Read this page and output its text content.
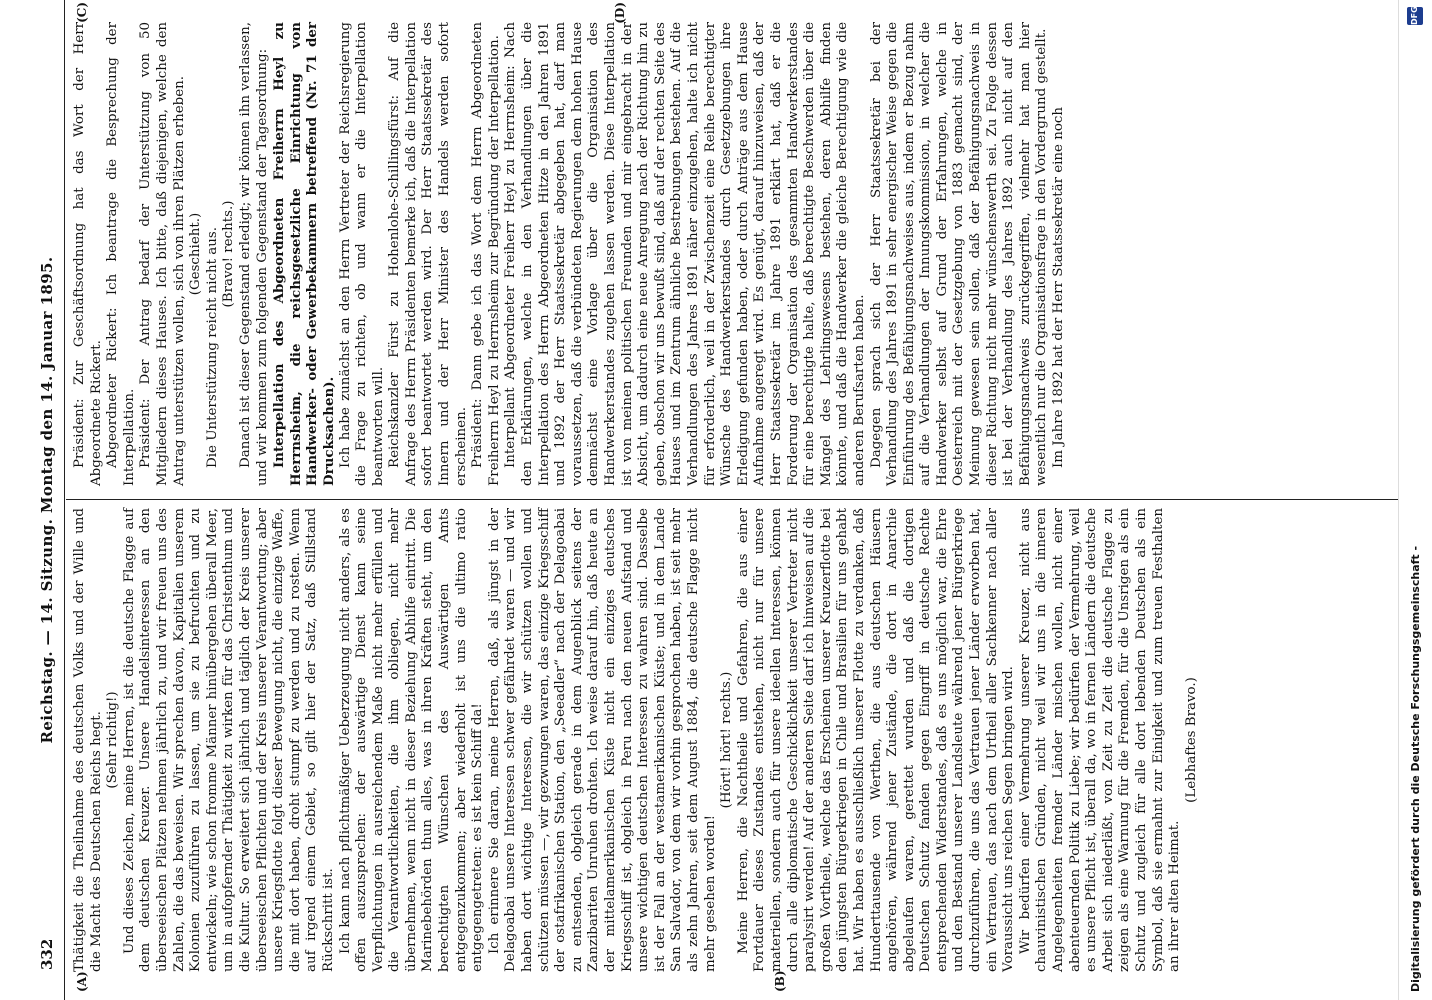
332
Reichstag. — 14. Sitzung. Montag den 14. Januar 1895.
(A)	(B)

Thätigkeit die Theilnahme des deutschen Volks und der Wille und die Macht des Deutschen Reichs hegt. (Sehr richtig!) Und dieses Zeichen, meine Herren, ist die deutsche Flagge auf dem deutschen Kreuzer. Unsere Handelsinteressen an den überseeischen Plätzen nehmen jährlich zu, und wir freuen uns des Zahlen, die das beweisen. Wir sprechen davon, Kapitalien unserem Kolonien zuzuführen zu lassen, um sie zu befruchten und zu entwickeln; wie schon fromme Männer hinübergehen überall Meer, um in aufopfernder Thätigkeit zu wirken für das Christenthum und die Kultur. So erweitert sich jährlich und täglich der Kreis unserer überseeischen Pflichten und der Kreis unserer Verantwortung; aber unsere Kriegsflotte folgt dieser Bewegung nicht, die einzige Waffe, die mit dort haben, droht stumpf zu werden und zu rosten. Wenn auf irgend einem Gebiet, so gilt hier der Satz, daß Stillstand Rückschritt ist. Ich kann nach pflichtmäßiger Ueberzeugung nicht anders, als es offen auszusprechen: der auswärtige Dienst kann seine Verpflichtungen in ausreichendem Maße nicht mehr erfüllen und die Verantwortlichkeiten, die ihm obliegen, nicht mehr übernehmen, wenn nicht in dieser Beziehung Abhilfe eintritt. Die Marinebehörden thun alles, was in ihren Kräften steht, um den berechtigten Wünschen des Auswärtigen Amts entgegenzukommen; aber wiederholt ist uns die ultimo ratio entgegengetreten: es ist kein Schiff da! Ich erinnere Sie daran, meine Herren, daß, als jüngst in der Delagoabai unsere Interessen schwer gefährdet waren — und wir haben dort wichtige Interessen, die wir schützen wollen und schützen müssen —, wir gezwungen waren, das einzige Kriegsschiff der ostafrikanischen Station, den „Seeadler“ nach der Delagoabai zu entsenden, obgleich gerade in dem Augenblick seitens der Zanzibariten Unruhen drohten. Ich weise darauf hin, daß heute an der mittelamerikanischen Küste nicht ein einziges deutsches Kriegsschiff ist, obgleich in Peru nach den neuen Aufstand und unsere wichtigen deutschen Interessen zu wahren sind. Dasselbe ist der Fall an der westamerikanischen Küste; und in dem Lande San Salvador, von dem wir vorhin gesprochen haben, ist seit mehr als zehn Jahren, seit dem August 1884, die deutsche Flagge nicht mehr gesehen worden!

(Hört! hört! rechts.) Meine Herren, die Nachtheile und Gefahren, die aus einer Fortdauer dieses Zustandes entstehen, nicht nur für unsere materiellen, sondern auch für unsere ideellen Interessen, können durch alle diplomatische Geschicklichkeit unserer Vertreter nicht paralysirt werden! Auf der anderen Seite darf ich hinweisen auf die großen Vortheile, welche das Erscheinen unserer Kreuzerflotte bei den jüngsten Bürgerkriegen in Chile und Brasilien für uns gehabt hat. Wir haben es ausschließlich unserer Flotte zu verdanken, daß Hunderttausende von Werthen, die aus deutschen Häusern angehören, während jener Zustände, die dort in Anarchie abgelaufen waren, gerettet wurden und daß die dortigen Deutschen Schutz fanden gegen Eingriff in deutsche Rechte entsprechenden Widerstandes, daß es uns möglich war, die Ehre und den Bestand unserer Landsleute während jener Bürgerkriege durchzuführen, die uns das Vertrauen jener Länder erworben hat, ein Vertrauen, das nach dem Urtheil aller Sachkenner nach aller Voraussicht uns reichen Segen bringen wird. Wir bedürfen einer Vermehrung unserer Kreuzer, nicht aus chauvinistischen Gründen, nicht weil wir uns in die inneren Angelegenheiten fremder Länder mischen wollen, nicht einer abenteuernden Politik zu Liebe; wir bedürfen der Vermehrung, weil es unsere Pflicht ist, überall da, wo in fernen Ländern die deutsche Arbeit sich niederläßt, von Zeit zu Zeit die deutsche Flagge zu zeigen als eine Warnung für die Fremden, für die Unsrigen als ein Schutz und zugleich für alle dort lebenden Deutschen als ein Symbol, daß sie ermahnt zur Einigkeit und zum treuen Festhalten an ihrer alten Heimat.

(Lebhaftes Bravo.)

(C)	(D)

Präsident: Zur Geschäftsordnung hat das Wort der Herr Abgeordnete Rickert. Abgeordneter Rickert: Ich beantrage die Besprechung der Interpellation. Präsident: Der Antrag bedarf der Unterstützung von 50 Mitgliedern dieses Hauses. Ich bitte, daß diejenigen, welche den Antrag unterstützen wollen, sich von ihren Plätzen erheben. (Geschieht.) Die Unterstützung reicht nicht aus. (Bravo! rechts.) Danach ist dieser Gegenstand erledigt; wir können ihn verlassen, und wir kommen zum folgenden Gegenstand der Tagesordnung: Interpellation des Abgeordneten Freiherrn Heyl zu Herrnsheim, die reichsgesetzliche Einrichtung von Handwerker- oder Gewerbekammern betreffend (Nr. 71 der Drucksachen). Ich habe zunächst an den Herrn Vertreter der Reichsregierung die Frage zu richten, ob und wann er die Interpellation beantworten will. Reichskanzler Fürst zu Hohenlohe-Schillingsfürst: Auf die Anfrage des Herrn Präsidenten bemerke ich, daß die Interpellation sofort beantwortet werden wird. Der Herr Staatssekretär des Innern und der Herr Minister des Handels werden sofort erscheinen. Präsident: Dann gebe ich das Wort dem Herrn Abgeordneten Freiherrn Heyl zu Herrnsheim zur Begründung der Interpellation. Interpellant Abgeordneter Freiherr Heyl zu Herrnsheim: Nach den Erklärungen, welche in den Verhandlungen über die Interpellation des Herrn Abgeordneten Hitze in den Jahren 1891 und 1892 der Herr Staatssekretär abgegeben hat, darf man voraussetzen, daß die verbündeten Regierungen dem hohen Hause demnächst eine Vorlage über die Organisation des Handwerkerstandes zugehen lassen werden. Diese Interpellation ist von meinen politischen Freunden und mir eingebracht in der Absicht, um dadurch eine neue Anregung nach der Richtung hin zu geben, obschon wir uns bewußt sind, daß auf der rechten Seite des Hauses und im Zentrum ähnliche Bestrebungen bestehen. Auf die Verhandlungen des Jahres 1891 näher einzugehen, halte ich nicht für erforderlich, weil in der Zwischenzeit eine Reihe berechtigter Wünsche des Handwerkerstandes durch Gesetzgebungen ihre Erledigung gefunden haben, oder durch Anträge aus dem Hause Aufnahme angeregt wird. Es genügt, darauf hinzuweisen, daß der Herr Staatssekretär im Jahre 1891 erklärt hat, daß er die Forderung der Organisation des gesammten Handwerkerstandes für eine berechtigte halte, daß berechtigte Beschwerden über die Mängel des Lehrlingswesens bestehen, deren Abhilfe finden könnte, und daß die Handwerker die gleiche Berechtigung wie die anderen Berufsarten haben. Dagegen sprach sich der Herr Staatssekretär bei der Verhandlung des Jahres 1891 in sehr energischer Weise gegen die Einführung des Befähigungsnachweises aus, indem er Bezug nahm auf die Verhandlungen der Innungskommission, in welcher die Handwerker selbst auf Grund der Erfahrungen, welche in Oesterreich mit der Gesetzgebung von 1883 gemacht sind, der Meinung gewesen sein sollen, daß der Befähigungsnachweis in dieser Richtung nicht mehr wünschenswerth sei. Zu Folge dessen ist bei der Verhandlung des Jahres 1892 auch nicht auf den Befähigungsnachweis zurückgegriffen, vielmehr hat man hier wesentlich nur die Organisationsfrage in den Vordergrund gestellt. Im Jahre 1892 hat der Herr Staatssekretär eine noch

Digitalisierung gefördert durch die Deutsche Forschungsgemeinschaft -
DFG
